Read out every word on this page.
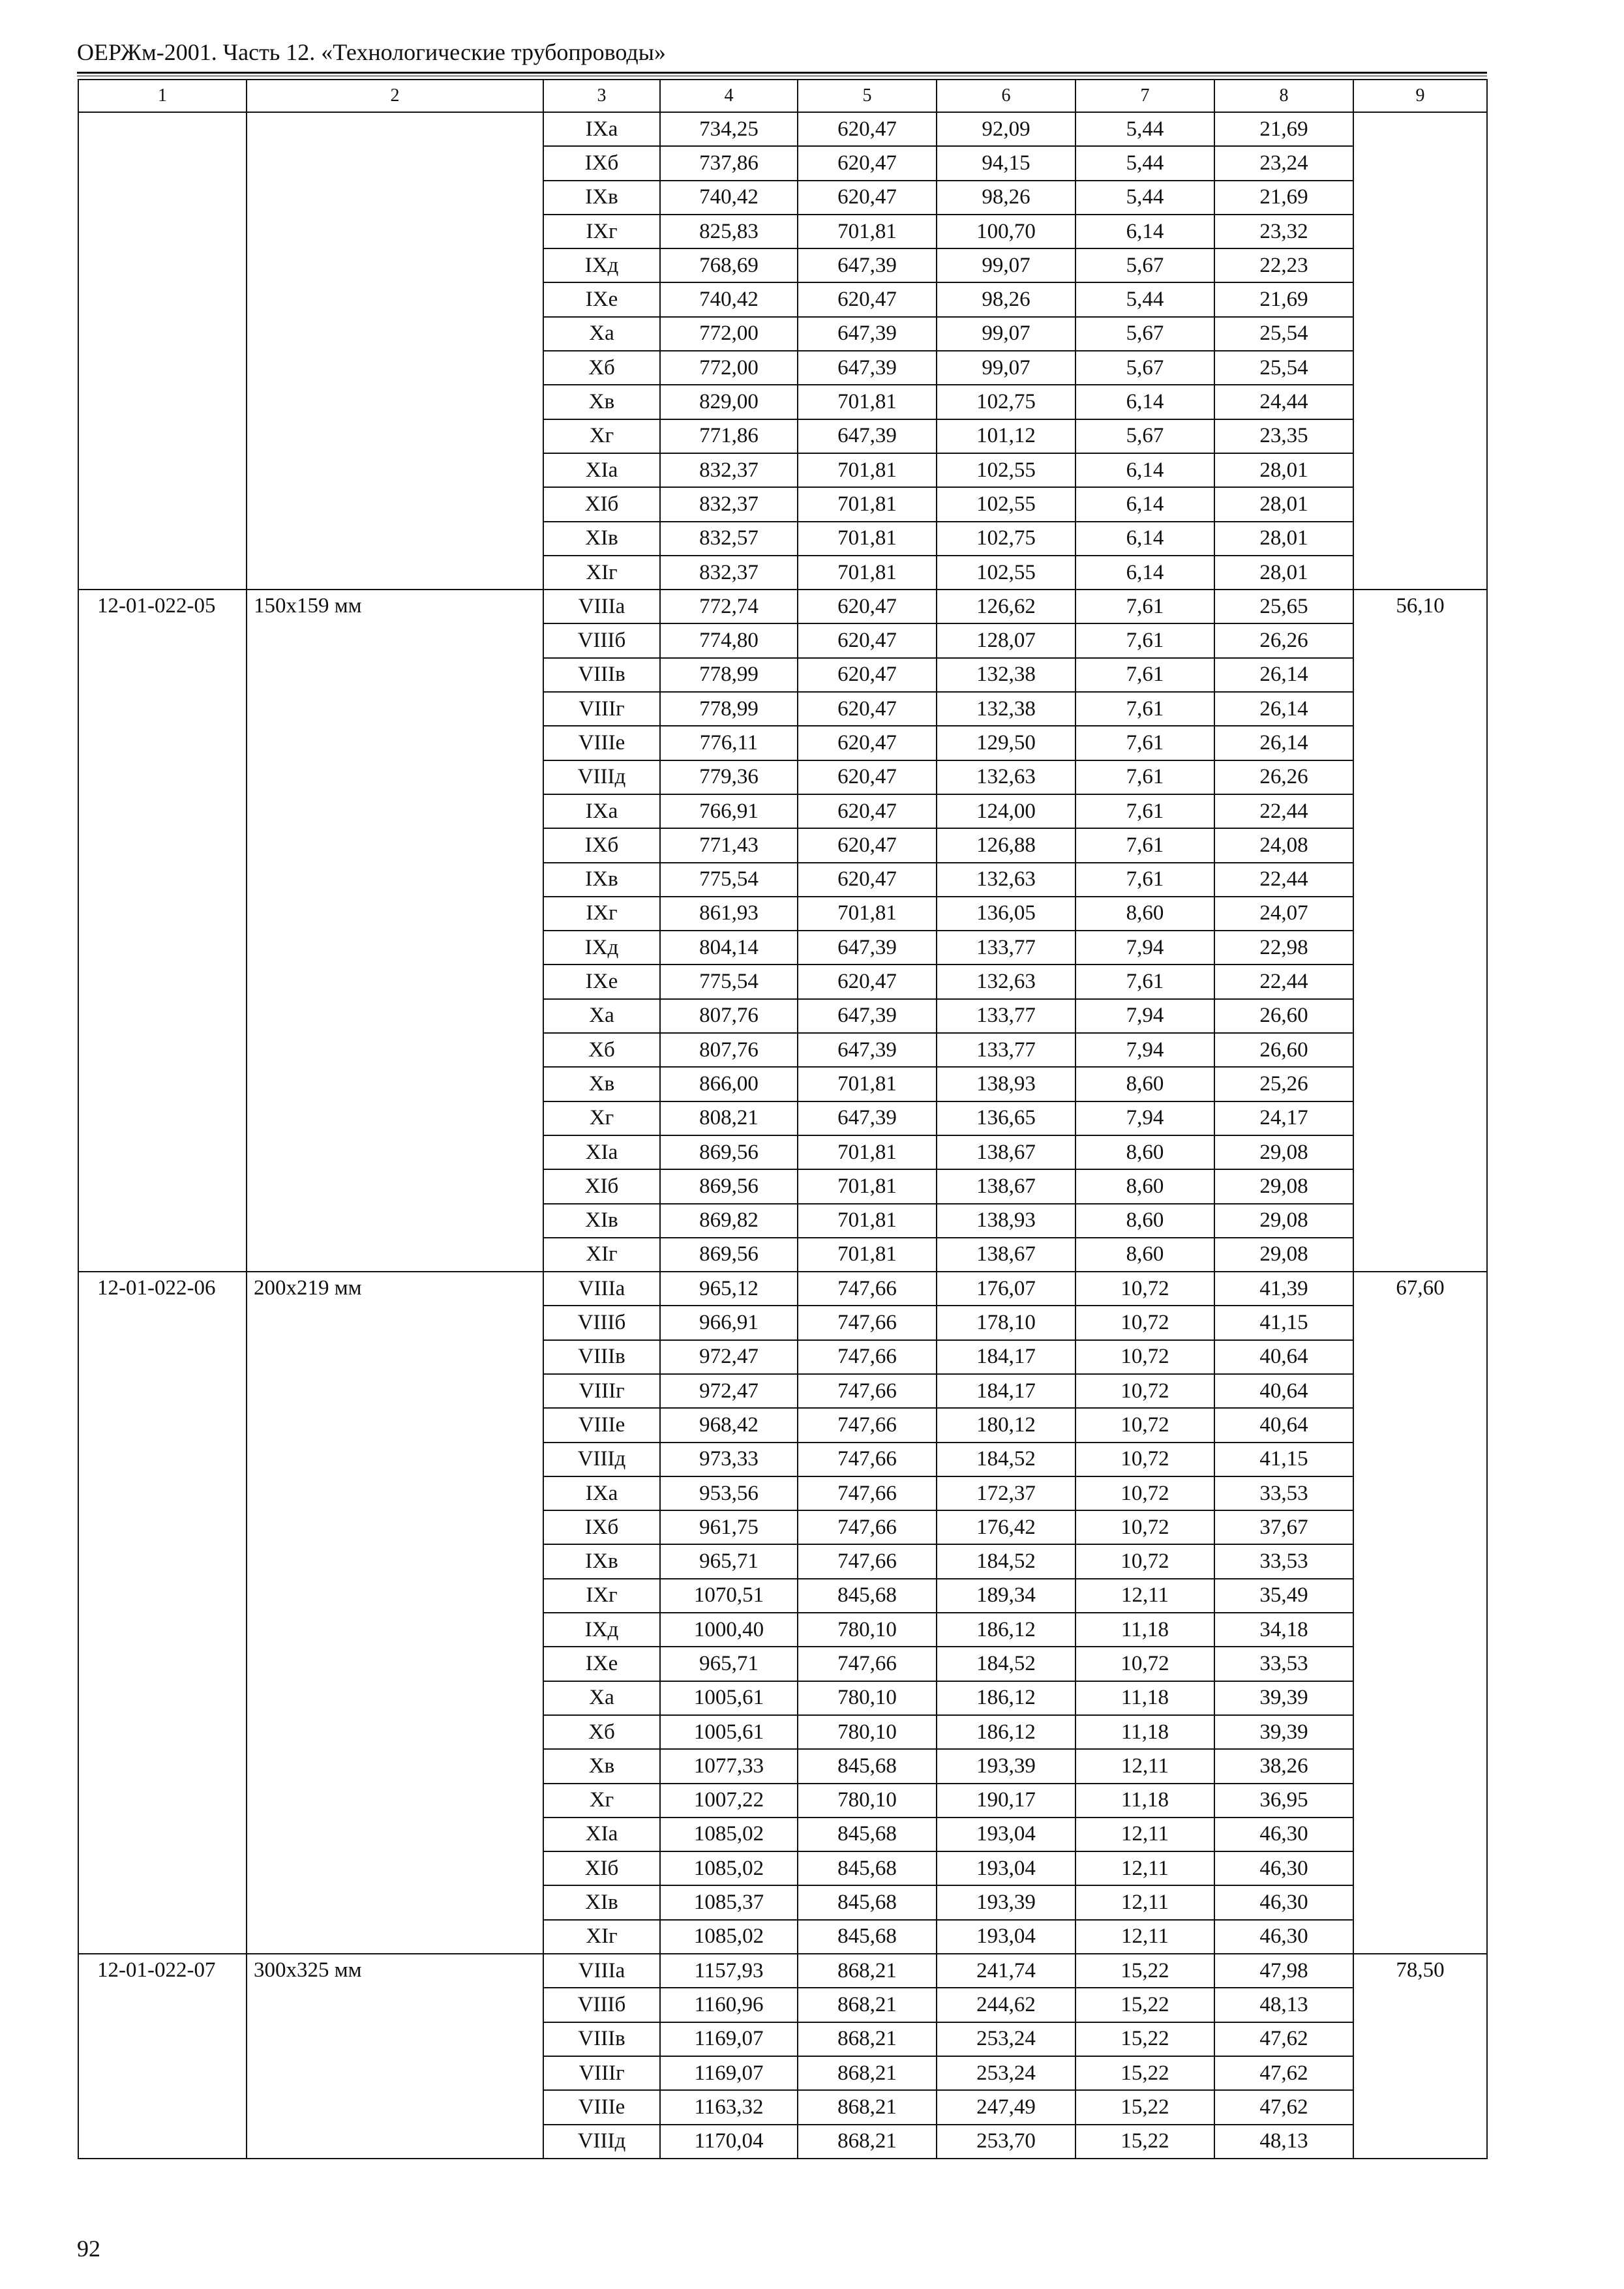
ОЕРЖм-2001. Часть 12. «Технологические трубопроводы»
1	2	3	4	5	6	7	8	9
		IXа	734,25	620,47	92,09	5,44	21,69	
		IXб	737,86	620,47	94,15	5,44	23,24	
		IXв	740,42	620,47	98,26	5,44	21,69	
		IXг	825,83	701,81	100,70	6,14	23,32	
		IXд	768,69	647,39	99,07	5,67	22,23	
		IXе	740,42	620,47	98,26	5,44	21,69	
		Xа	772,00	647,39	99,07	5,67	25,54	
		Xб	772,00	647,39	99,07	5,67	25,54	
		Xв	829,00	701,81	102,75	6,14	24,44	
		Xг	771,86	647,39	101,12	5,67	23,35	
		XIа	832,37	701,81	102,55	6,14	28,01	
		XIб	832,37	701,81	102,55	6,14	28,01	
		XIв	832,57	701,81	102,75	6,14	28,01	
		XIг	832,37	701,81	102,55	6,14	28,01	
12-01-022-05	150x159 мм	VIIIа	772,74	620,47	126,62	7,61	25,65	56,10
		VIIIб	774,80	620,47	128,07	7,61	26,26	
		VIIIв	778,99	620,47	132,38	7,61	26,14	
		VIIIг	778,99	620,47	132,38	7,61	26,14	
		VIIIе	776,11	620,47	129,50	7,61	26,14	
		VIIIд	779,36	620,47	132,63	7,61	26,26	
		IXа	766,91	620,47	124,00	7,61	22,44	
		IXб	771,43	620,47	126,88	7,61	24,08	
		IXв	775,54	620,47	132,63	7,61	22,44	
		IXг	861,93	701,81	136,05	8,60	24,07	
		IXд	804,14	647,39	133,77	7,94	22,98	
		IXе	775,54	620,47	132,63	7,61	22,44	
		Xа	807,76	647,39	133,77	7,94	26,60	
		Xб	807,76	647,39	133,77	7,94	26,60	
		Xв	866,00	701,81	138,93	8,60	25,26	
		Xг	808,21	647,39	136,65	7,94	24,17	
		XIа	869,56	701,81	138,67	8,60	29,08	
		XIб	869,56	701,81	138,67	8,60	29,08	
		XIв	869,82	701,81	138,93	8,60	29,08	
		XIг	869,56	701,81	138,67	8,60	29,08	
12-01-022-06	200x219 мм	VIIIа	965,12	747,66	176,07	10,72	41,39	67,60
		VIIIб	966,91	747,66	178,10	10,72	41,15	
		VIIIв	972,47	747,66	184,17	10,72	40,64	
		VIIIг	972,47	747,66	184,17	10,72	40,64	
		VIIIе	968,42	747,66	180,12	10,72	40,64	
		VIIIд	973,33	747,66	184,52	10,72	41,15	
		IXа	953,56	747,66	172,37	10,72	33,53	
		IXб	961,75	747,66	176,42	10,72	37,67	
		IXв	965,71	747,66	184,52	10,72	33,53	
		IXг	1070,51	845,68	189,34	12,11	35,49	
		IXд	1000,40	780,10	186,12	11,18	34,18	
		IXе	965,71	747,66	184,52	10,72	33,53	
		Xа	1005,61	780,10	186,12	11,18	39,39	
		Xб	1005,61	780,10	186,12	11,18	39,39	
		Xв	1077,33	845,68	193,39	12,11	38,26	
		Xг	1007,22	780,10	190,17	11,18	36,95	
		XIа	1085,02	845,68	193,04	12,11	46,30	
		XIб	1085,02	845,68	193,04	12,11	46,30	
		XIв	1085,37	845,68	193,39	12,11	46,30	
		XIг	1085,02	845,68	193,04	12,11	46,30	
12-01-022-07	300x325 мм	VIIIа	1157,93	868,21	241,74	15,22	47,98	78,50
		VIIIб	1160,96	868,21	244,62	15,22	48,13	
		VIIIв	1169,07	868,21	253,24	15,22	47,62	
		VIIIг	1169,07	868,21	253,24	15,22	47,62	
		VIIIе	1163,32	868,21	247,49	15,22	47,62	
		VIIIд	1170,04	868,21	253,70	15,22	48,13	
92
